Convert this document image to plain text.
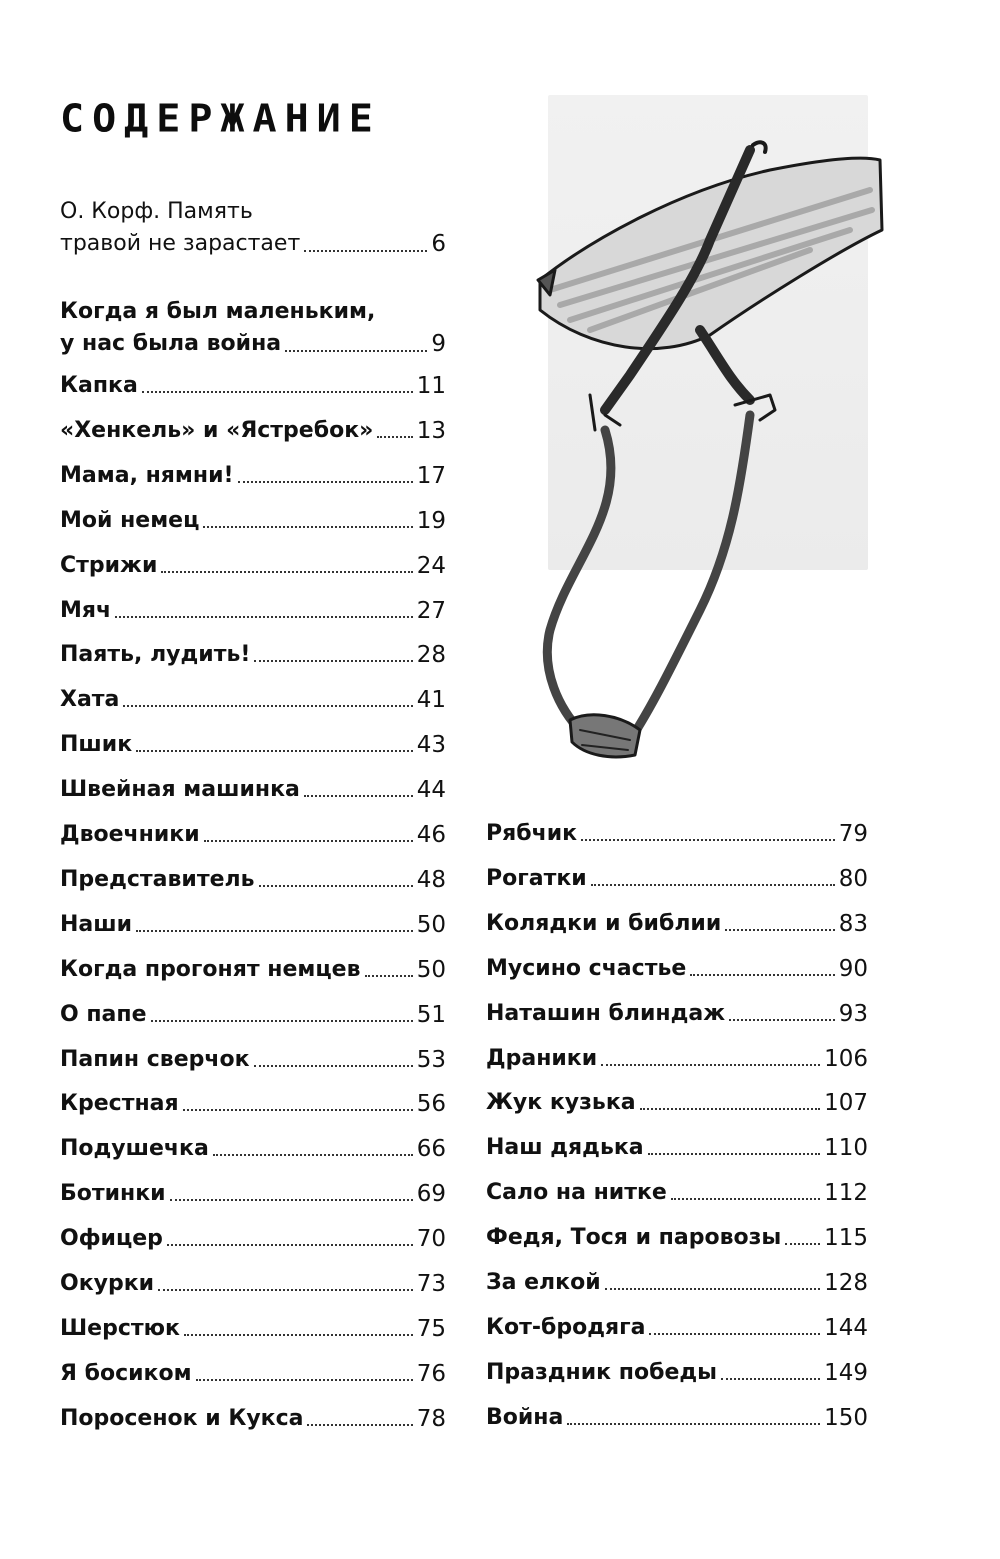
СОДЕРЖАНИЕ
О. Корф. Память
травой не зарастает	6
Когда я был маленьким,
у нас была война	9
Капка	11
«Хенкель» и «Ястребок» 13
Мама, нямни!	17
Мой немец	19
Стрижи	24
Мяч	27
Паять, лудить!	28
Хата	41
Пшик	43
Швейная машинка	44
Двоечники	46
Представитель	48
Наши	50
Когда прогонят немцев 50
О папе	51
Папин сверчок	53
Крестная	56
Подушечка	66
Ботинки	69
Офицер	70
Окурки	73
Шерстюк	75
Я босиком	76
Поросенок и Кукса	78
Рябчик	79
Рогатки	80
Колядки и библии	83
Мусино счастье	90
Наташин блиндаж	93
Драники	106
Жук кузька	107
Наш дядька	110
Сало на нитке	112
Федя, Тося и паровозы 115
За елкой	128
Кот-бродяга	144
Праздник победы	149
Война	150
